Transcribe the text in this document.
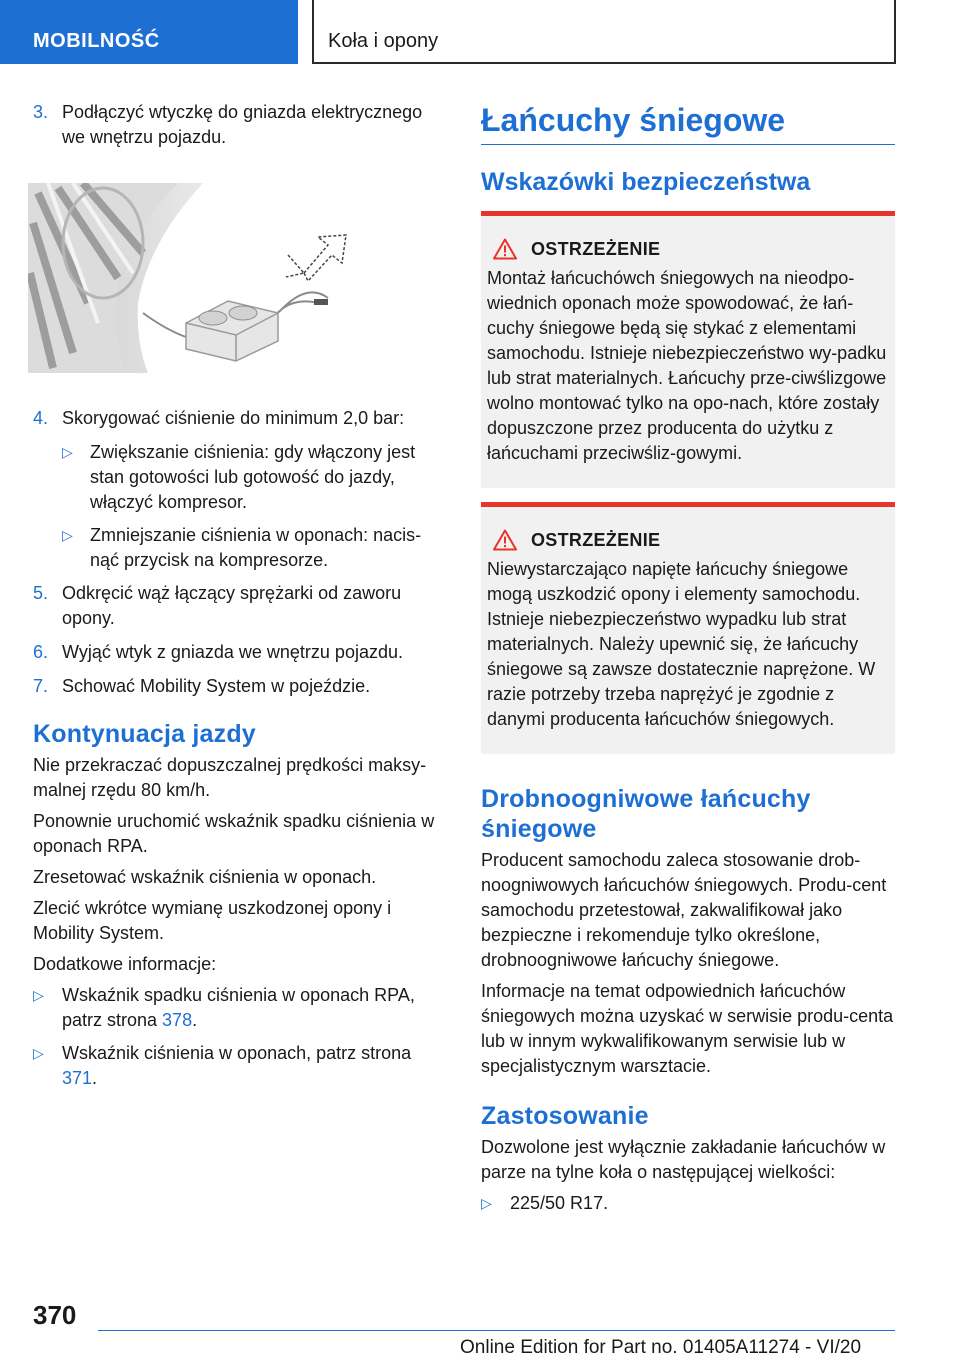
MOBILNOŚĆ	Koła i opony
3. Podłączyć wtyczkę do gniazda elektrycznego we wnętrzu pojazdu.
4. Skorygować ciśnienie do minimum 2,0 bar:
▷ Zwiększanie ciśnienia: gdy włączony jest stan gotowości lub gotowość do jazdy, włączyć kompresor.
▷ Zmniejszanie ciśnienia w oponach: nacisnąć przycisk na kompresorze.
5. Odkręcić wąż łączący sprężarki od zaworu opony.
6. Wyjąć wtyk z gniazda we wnętrzu pojazdu.
7. Schować Mobility System w pojeździe.
Kontynuacja jazdy

Nie przekraczać dopuszczalnej prędkości maksy-malnej rzędu 80 km/h.

Ponownie uruchomić wskaźnik spadku ciśnienia w oponach RPA.

Zresetować wskaźnik ciśnienia w oponach.

Zlecić wkrótce wymianę uszkodzonej opony i Mobility System.

Dodatkowe informacje:

▷ Wskaźnik spadku ciśnienia w oponach RPA, patrz strona 378.
▷ Wskaźnik ciśnienia w oponach, patrz strona 371.
Łańcuchy śniegowe
Wskazówki bezpieczeństwa
OSTRZEŻENIE

Montaż łańcuchówch śniegowych na nieodpo-wiednich oponach może spowodować, że łań-cuchy śniegowe będą się stykać z elementami samochodu. Istnieje niebezpieczeństwo wy-padku lub strat materialnych. Łańcuchy prze-ciwślizgowe wolno montować tylko na opo-nach, które zostały dopuszczone przez producenta do użytku z łańcuchami przeciwśliz-gowymi.

OSTRZEŻENIE

Niewystarczająco napięte łańcuchy śniegowe mogą uszkodzić opony i elementy samochodu. Istnieje niebezpieczeństwo wypadku lub strat materialnych. Należy upewnić się, że łańcuchy śniegowe są zawsze dostatecznie naprężone. W razie potrzeby trzeba naprężyć je zgodnie z danymi producenta łańcuchów śniegowych.

Drobnoogniwowe łańcuchy śniegowe

Producent samochodu zaleca stosowanie drob-noogniwowych łańcuchów śniegowych. Produ-cent samochodu przetestował, zakwalifikował jako bezpieczne i rekomenduje tylko określone, drobnoogniwowe łańcuchy śniegowe.

Informacje na temat odpowiednich łańcuchów śniegowych można uzyskać w serwisie produ-centa lub w innym wykwalifikowanym serwisie lub w specjalistycznym warsztacie.

Zastosowanie

Dozwolone jest wyłącznie zakładanie łańcuchów w parze na tylne koła o następującej wielkości:

▷ 225/50 R17.
370
Online Edition for Part no. 01405A11274 - VI/20
